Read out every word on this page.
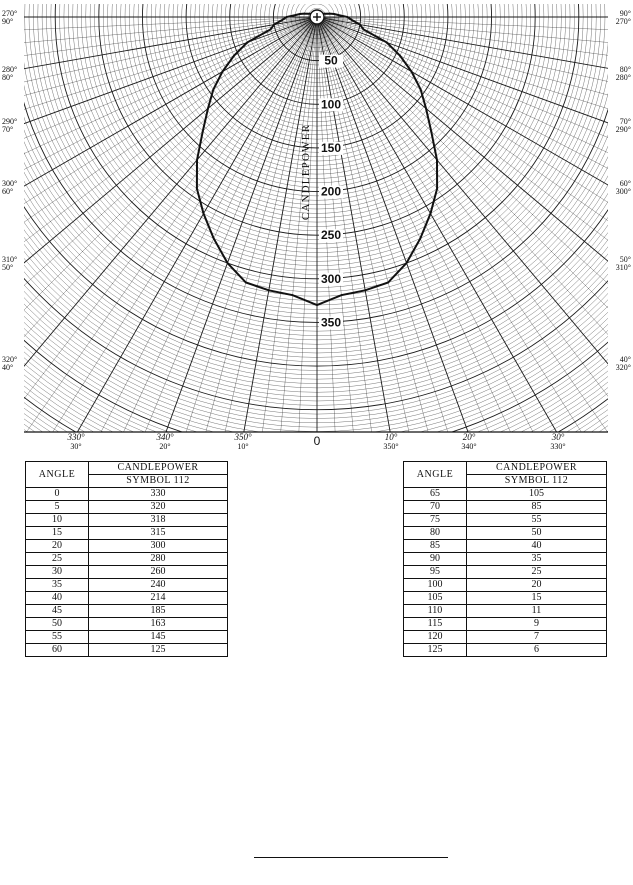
50
100
150
200
250
300
350
270°
90°
280°
80°
290°
70°
300°
60°
310°
50°
320°
40°
90°
270°
80°
280°
70°
290°
60°
300°
50°
310°
40°
320°
330°
30°
340°
20°
350°
10°	0	10°
350°
20°
340°
30°
330°
CANDLEPOWER
ANGLE	CANDLEPOWER
	SYMBOL 112
0	330
5	320
10	318
15	315
20	300
25	280
30	260
35	240
40	214
45	185
50	163
55	145
60	125
ANGLE	CANDLEPOWER
	SYMBOL 112
65	105
70	85
75	55
80	50
85	40
90	35
95	25
100	20
105	15
110	11
115	9
120	7
125	6
